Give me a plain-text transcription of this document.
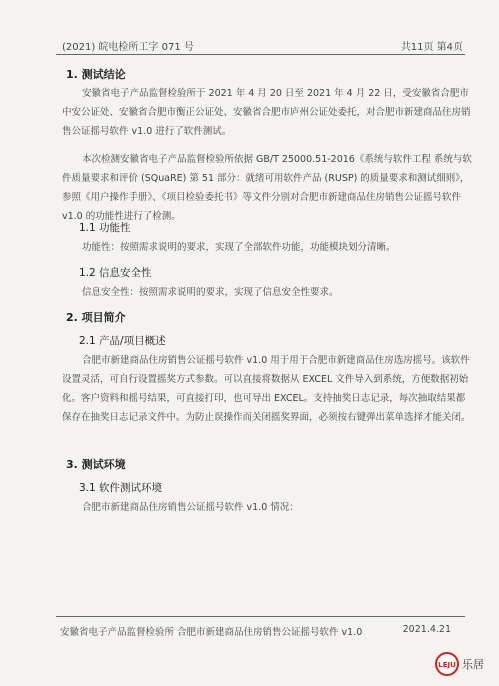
(2021) 皖电检所工字 071 号	共11页 第4页
1. 测试结论
安徽省电子产品监督检验所于 2021 年 4 月 20 日至 2021 年 4 月 22 日，受安徽省合肥市中安公证处、安徽省合肥市衡正公证处、安徽省合肥市庐州公证处委托，对合肥市新建商品住房销售公证摇号软件 v1.0 进行了软件测试。
本次检测安徽省电子产品监督检验所依据 GB/T 25000.51-2016《系统与软件工程 系统与软件质量要求和评价 (SQuaRE) 第 51 部分：就绪可用软件产品 (RUSP) 的质量要求和测试细则》，参照《用户操作手册》、《项目检验委托书》等文件分别对合肥市新建商品住房销售公证摇号软件 v1.0 的功能性进行了检测。
1.1 功能性
功能性：按照需求说明的要求，实现了全部软件功能，功能模块划分清晰。
1.2 信息安全性
信息安全性：按照需求说明的要求，实现了信息安全性要求。
2. 项目简介
2.1 产品/项目概述
合肥市新建商品住房销售公证摇号软件 v1.0 用于用于合肥市新建商品住房选房摇号。该软件设置灵活，可自行设置摇奖方式参数。可以直接将数据从 EXCEL 文件导入到系统，方便数据初始化。客户资料和摇号结果，可直接打印，也可导出 EXCEL。支持抽奖日志记录，每次抽取结果都保存在抽奖日志记录文件中。为防止误操作而关闭摇奖界面，必须按右键弹出菜单选择才能关闭。
3. 测试环境
3.1 软件测试环境
合肥市新建商品住房销售公证摇号软件 v1.0 情况：
安徽省电子产品监督检验所 合肥市新建商品住房销售公证摇号软件 v1.0	2021.4.21
LEJU 乐居
